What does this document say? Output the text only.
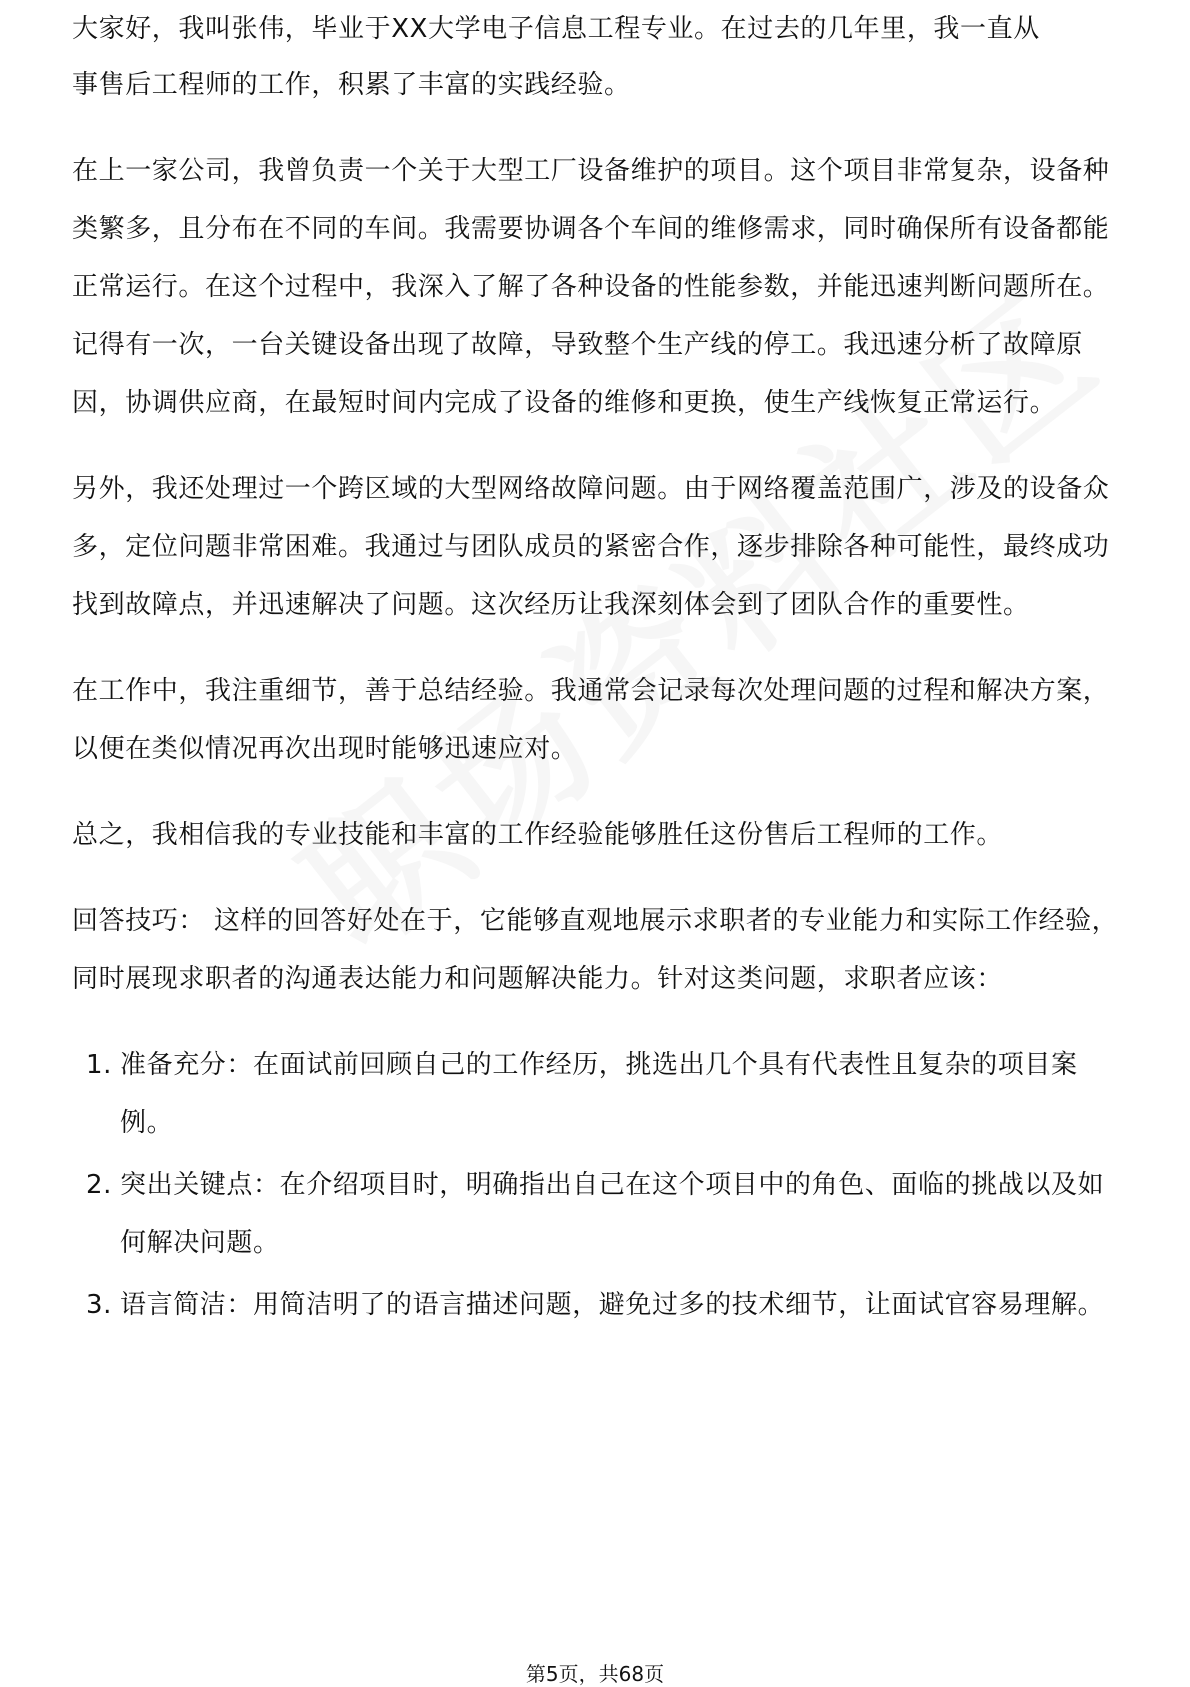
大家好，我叫张伟，毕业于XX大学电子信息工程专业。在过去的几年里，我一直从

事售后工程师的工作，积累了丰富的实践经验。

在上一家公司，我曾负责一个关于大型工厂设备维护的项目。这个项目非常复杂，设备种类繁多，且分布在不同的车间。我需要协调各个车间的维修需求，同时确保所有设备都能正常运行。在这个过程中，我深入了解了各种设备的性能参数，并能迅速判断问题所在。记得有一次，一台关键设备出现了故障，导致整个生产线的停工。我迅速分析了故障原因，协调供应商，在最短时间内完成了设备的维修和更换，使生产线恢复正常运行。

另外，我还处理过一个跨区域的大型网络故障问题。由于网络覆盖范围广，涉及的设备众多，定位问题非常困难。我通过与团队成员的紧密合作，逐步排除各种可能性，最终成功找到故障点，并迅速解决了问题。这次经历让我深刻体会到了团队合作的重要性。

在工作中，我注重细节，善于总结经验。我通常会记录每次处理问题的过程和解决方案，以便在类似情况再次出现时能够迅速应对。

总之，我相信我的专业技能和丰富的工作经验能够胜任这份售后工程师的工作。

回答技巧： 这样的回答好处在于，它能够直观地展示求职者的专业能力和实际工作经验，同时展现求职者的沟通表达能力和问题解决能力。针对这类问题，求职者应该：

1. 准备充分：在面试前回顾自己的工作经历，挑选出几个具有代表性且复杂的项目案例。
2. 突出关键点：在介绍项目时，明确指出自己在这个项目中的角色、面临的挑战以及如何解决问题。
3. 语言简洁：用简洁明了的语言描述问题，避免过多的技术细节，让面试官容易理解。
第5页，共68页
